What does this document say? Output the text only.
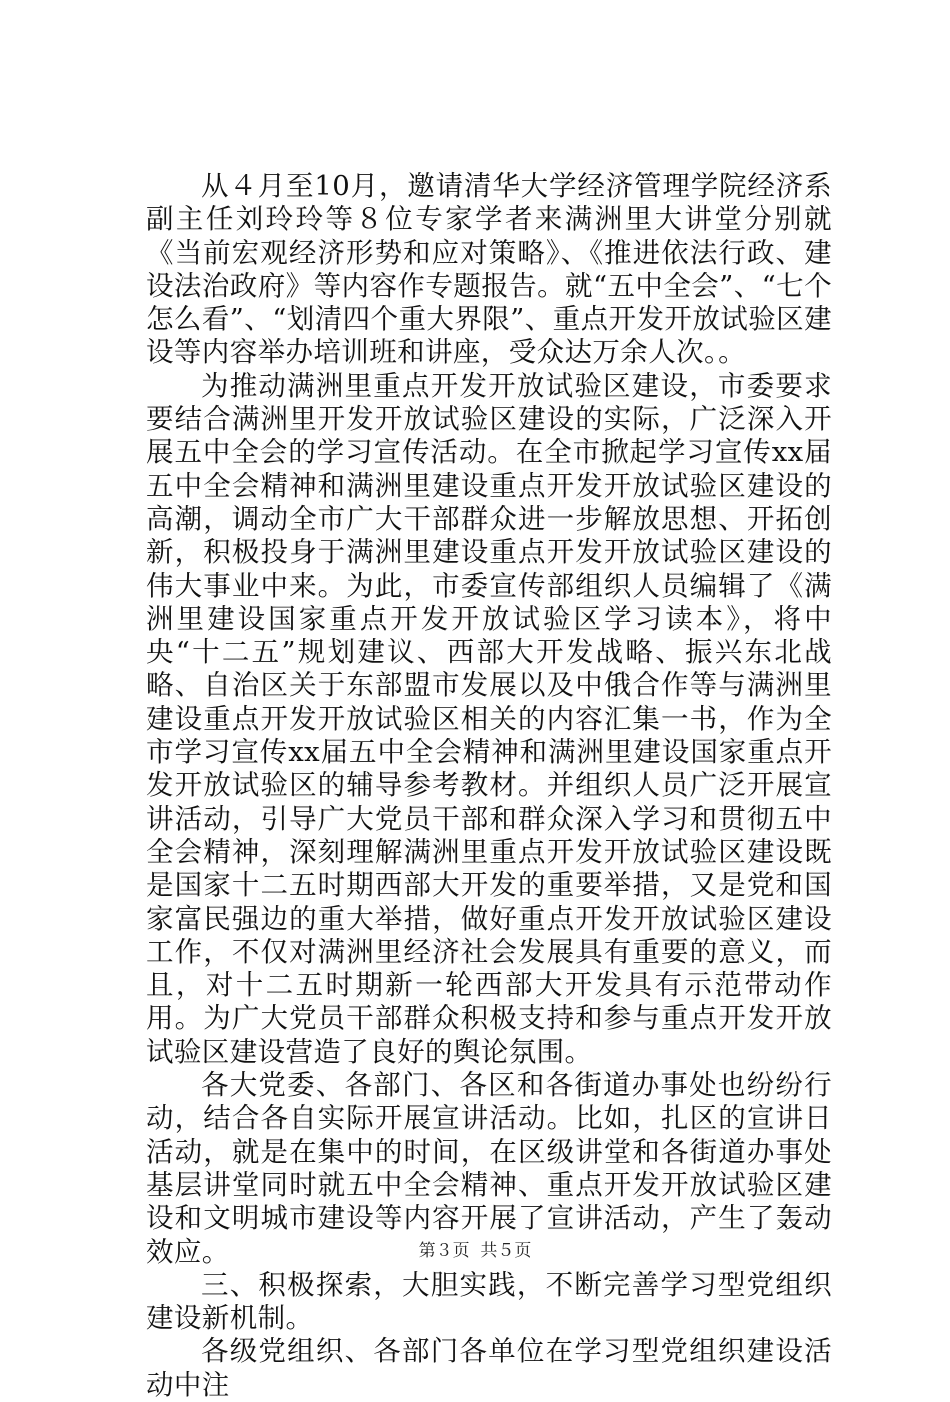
从４月至10月，邀请清华大学经济管理学院经济系副主任刘玲玲等８位专家学者来满洲里大讲堂分别就《当前宏观经济形势和应对策略》、《推进依法行政、建设法治政府》等内容作专题报告。就“五中全会”、“七个怎么看”、“划清四个重大界限”、重点开发开放试验区建设等内容举办培训班和讲座，受众达万余人次。。

为推动满洲里重点开发开放试验区建设，市委要求要结合满洲里开发开放试验区建设的实际，广泛深入开展五中全会的学习宣传活动。在全市掀起学习宣传xx届五中全会精神和满洲里建设重点开发开放试验区建设的高潮，调动全市广大干部群众进一步解放思想、开拓创新，积极投身于满洲里建设重点开发开放试验区建设的伟大事业中来。为此，市委宣传部组织人员编辑了《满洲里建设国家重点开发开放试验区学习读本》，将中央“十二五”规划建议、西部大开发战略、振兴东北战略、自治区关于东部盟市发展以及中俄合作等与满洲里建设重点开发开放试验区相关的内容汇集一书，作为全市学习宣传xx届五中全会精神和满洲里建设国家重点开发开放试验区的辅导参考教材。并组织人员广泛开展宣讲活动，引导广大党员干部和群众深入学习和贯彻五中全会精神，深刻理解满洲里重点开发开放试验区建设既是国家十二五时期西部大开发的重要举措，又是党和国家富民强边的重大举措，做好重点开发开放试验区建设工作，不仅对满洲里经济社会发展具有重要的意义，而且，对十二五时期新一轮西部大开发具有示范带动作用。为广大党员干部群众积极支持和参与重点开发开放试验区建设营造了良好的舆论氛围。

各大党委、各部门、各区和各街道办事处也纷纷行动，结合各自实际开展宣讲活动。比如，扎区的宣讲日活动，就是在集中的时间，在区级讲堂和各街道办事处基层讲堂同时就五中全会精神、重点开发开放试验区建设和文明城市建设等内容开展了宣讲活动，产生了轰动效应。

三、积极探索，大胆实践，不断完善学习型党组织建设新机制。

各级党组织、各部门各单位在学习型党组织建设活动中注

第３页  共５页
